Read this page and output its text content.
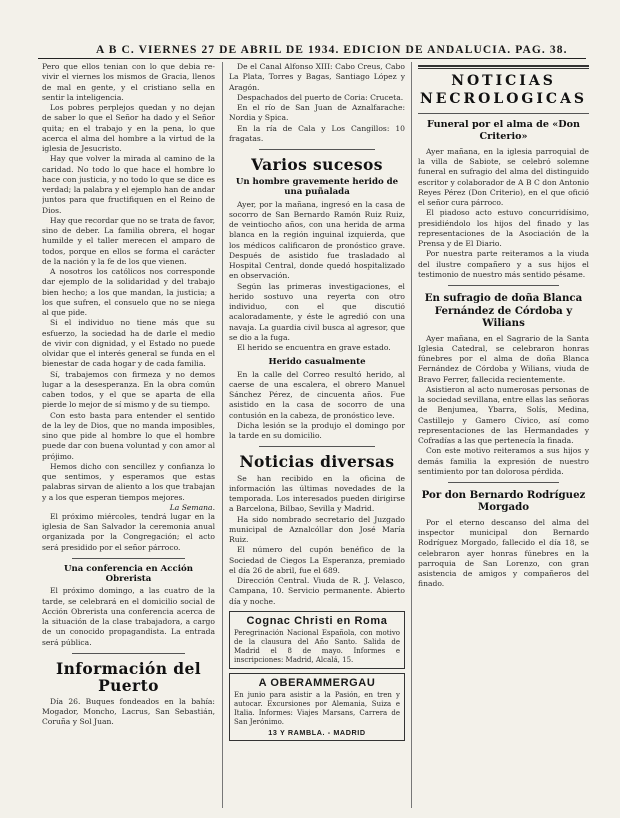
A B C. VIERNES 27 DE ABRIL DE 1934. EDICION DE ANDALUCIA. PAG. 38.

Pero que ellos tenian con lo que debia re-vivir el viernes los mismos de Gracia, llenos de mal en gente, y el cristiano sella en sentir la inteligencia.

Los pobres perplejos quedan y no dejan de saber lo que el Señor ha dado y el Señor quita; en el trabajo y en la pena, lo que acerca el alma del hombre a la virtud de la iglesia de Jesucristo.

Hay que volver la mirada al camino de la caridad. No todo lo que hace el hombre lo hace con justicia, y no todo lo que se dice es verdad; la palabra y el ejemplo han de andar juntos para que fructifiquen en el Reino de Dios.

Hay que recordar que no se trata de favor, sino de deber. La familia obrera, el hogar humilde y el taller merecen el amparo de todos, porque en ellos se forma el carácter de la nación y la fe de los que vienen.

A nosotros los católicos nos corresponde dar ejemplo de la solidaridad y del trabajo bien hecho; a los que mandan, la justicia; a los que sufren, el consuelo que no se niega al que pide.

Si el individuo no tiene más que su esfuerzo, la sociedad ha de darle el medio de vivir con dignidad, y el Estado no puede olvidar que el interés general se funda en el bienestar de cada hogar y de cada familia.

Sí, trabajemos con firmeza y no demos lugar a la desesperanza. En la obra común caben todos, y el que se aparta de ella pierde lo mejor de sí mismo y de su tiempo.

Con esto basta para entender el sentido de la ley de Dios, que no manda imposibles, sino que pide al hombre lo que el hombre puede dar con buena voluntad y con amor al prójimo.

Hemos dicho con sencillez y confianza lo que sentimos, y esperamos que estas palabras sirvan de aliento a los que trabajan y a los que esperan tiempos mejores.

La Semana.

El próximo miércoles, tendrá lugar en la iglesia de San Salvador la ceremonia anual organizada por la Congregación; el acto será presidido por el señor párroco.

Una conferencia en Acción Obrerista

El próximo domingo, a las cuatro de la tarde, se celebrará en el domicilio social de Acción Obrerista una conferencia acerca de la situación de la clase trabajadora, a cargo de un conocido propagandista. La entrada será pública.

Información del Puerto

Día 26. Buques fondeados en la bahía: Mogador, Moncho, Lacrus, San Sebastián, Coruña y Sol Juan.

De el Canal Alfonso XIII: Cabo Creus, Cabo La Plata, Torres y Bagas, Santiago López y Aragón.

Despachados del puerto de Coria: Cruceta.

En el río de San Juan de Aznalfarache: Nordia y Spica.

En la ría de Cala y Los Cangillos: 10 fragatas.

Varios sucesos
Un hombre gravemente herido de una puñalada

Ayer, por la mañana, ingresó en la casa de socorro de San Bernardo Ramón Ruiz Ruiz, de veintiocho años, con una herida de arma blanca en la región inguinal izquierda, que los médicos calificaron de pronóstico grave. Después de asistido fue trasladado al Hospital Central, donde quedó hospitalizado en observación.

Según las primeras investigaciones, el herido sostuvo una reyerta con otro individuo, con el que discutió acaloradamente, y éste le agredió con una navaja. La guardia civil busca al agresor, que se dio a la fuga.

El herido se encuentra en grave estado.

Herido casualmente

En la calle del Correo resultó herido, al caerse de una escalera, el obrero Manuel Sánchez Pérez, de cincuenta años. Fue asistido en la casa de socorro de una contusión en la cabeza, de pronóstico leve.

Dicha lesión se la produjo el domingo por la tarde en su domicilio.

Noticias diversas

Se han recibido en la oficina de información las últimas novedades de la temporada. Los interesados pueden dirigirse a Barcelona, Bilbao, Sevilla y Madrid.

Ha sido nombrado secretario del Juzgado municipal de Aznalcóllar don José María Ruiz.

El número del cupón benéfico de la Sociedad de Ciegos La Esperanza, premiado el día 26 de abril, fue el 689.

Dirección Central. Viuda de R. J. Velasco, Campana, 10. Servicio permanente. Abierto día y noche.

Cognac Christi en Roma

Peregrinación Nacional Española, con motivo de la clausura del Año Santo. Salida de Madrid el 8 de mayo. Informes e inscripciones: Madrid, Alcalá, 15.

A OBERAMMERGAU

En junio para asistir a la Pasión, en tren y autocar. Excursiones por Alemania, Suiza e Italia. Informes: Viajes Marsans, Carrera de San Jerónimo.

13 Y RAMBLA. - MADRID
NOTICIAS NECROLOGICAS
Funeral por el alma de «Don Criterio»

Ayer mañana, en la iglesia parroquial de la villa de Sabiote, se celebró solemne funeral en sufragio del alma del distinguido escritor y colaborador de A B C don Antonio Reyes Pérez (Don Criterio), en el que ofició el señor cura párroco.

El piadoso acto estuvo concurridísimo, presidiéndolo los hijos del finado y las representaciones de la Asociación de la Prensa y de El Diario.

Por nuestra parte reiteramos a la viuda del ilustre compañero y a sus hijos el testimonio de nuestro más sentido pésame.

En sufragio de doña Blanca Fernández de Córdoba y Wilians

Ayer mañana, en el Sagrario de la Santa Iglesia Catedral, se celebraron honras fúnebres por el alma de doña Blanca Fernández de Córdoba y Wilians, viuda de Bravo Ferrer, fallecida recientemente.

Asistieron al acto numerosas personas de la sociedad sevillana, entre ellas las señoras de Benjumea, Ybarra, Solís, Medina, Castillejo y Gamero Cívico, así como representaciones de las Hermandades y Cofradías a las que pertenecía la finada.

Con este motivo reiteramos a sus hijos y demás familia la expresión de nuestro sentimiento por tan dolorosa pérdida.

Por don Bernardo Rodríguez Morgado

Por el eterno descanso del alma del inspector municipal don Bernardo Rodríguez Morgado, fallecido el día 18, se celebraron ayer honras fúnebres en la parroquia de San Lorenzo, con gran asistencia de amigos y compañeros del finado.
